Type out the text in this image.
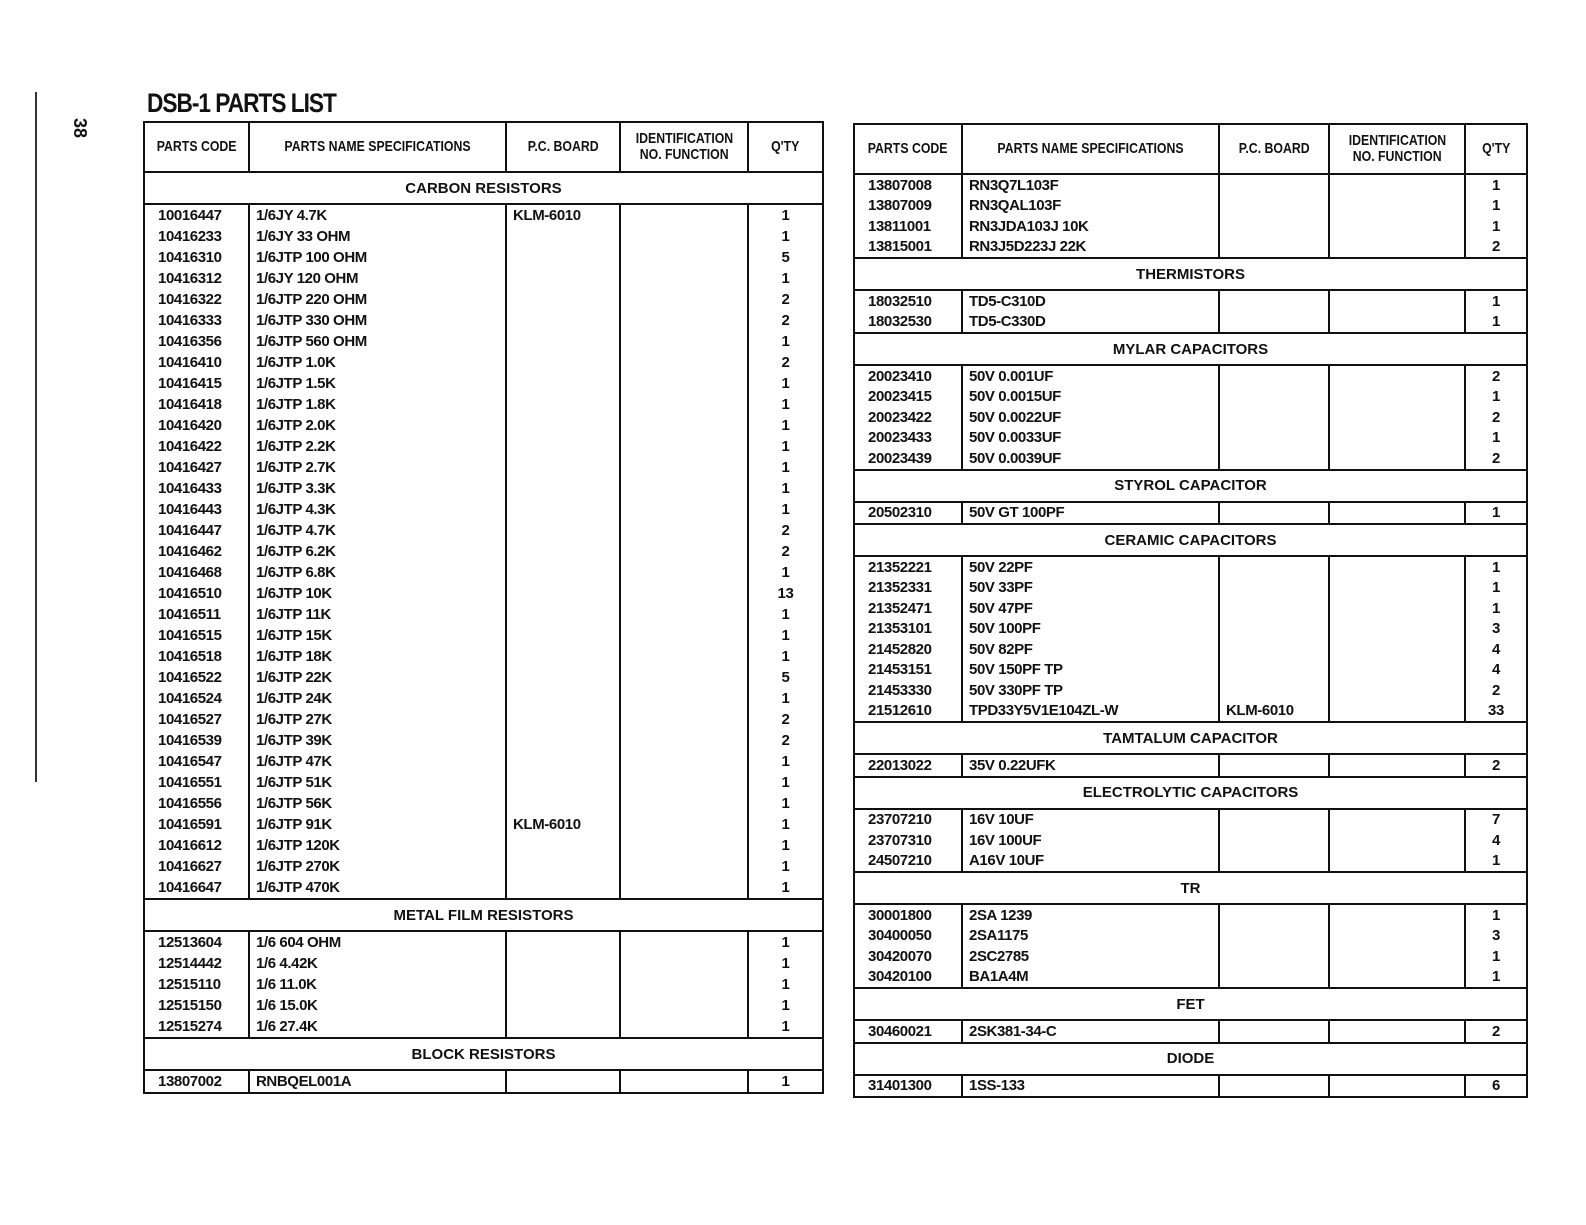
38
DSB-1 PARTS LIST
PARTS CODE	PARTS NAME SPECIFICATIONS	P.C. BOARD	IDENTIFICATION
NO. FUNCTION	Q'TY
CARBON RESISTORS				
10016447	1/6JY 4.7K	KLM-6010		1
10416233	1/6JY 33 OHM			1
10416310	1/6JTP 100 OHM			5
10416312	1/6JY 120 OHM			1
10416322	1/6JTP 220 OHM			2
10416333	1/6JTP 330 OHM			2
10416356	1/6JTP 560 OHM			1
10416410	1/6JTP 1.0K			2
10416415	1/6JTP 1.5K			1
10416418	1/6JTP 1.8K			1
10416420	1/6JTP 2.0K			1
10416422	1/6JTP 2.2K			1
10416427	1/6JTP 2.7K			1
10416433	1/6JTP 3.3K			1
10416443	1/6JTP 4.3K			1
10416447	1/6JTP 4.7K			2
10416462	1/6JTP 6.2K			2
10416468	1/6JTP 6.8K			1
10416510	1/6JTP 10K			13
10416511	1/6JTP 11K			1
10416515	1/6JTP 15K			1
10416518	1/6JTP 18K			1
10416522	1/6JTP 22K			5
10416524	1/6JTP 24K			1
10416527	1/6JTP 27K			2
10416539	1/6JTP 39K			2
10416547	1/6JTP 47K			1
10416551	1/6JTP 51K			1
10416556	1/6JTP 56K			1
10416591	1/6JTP 91K	KLM-6010		1
10416612	1/6JTP 120K			1
10416627	1/6JTP 270K			1
10416647	1/6JTP 470K			1
METAL FILM RESISTORS				
12513604	1/6 604 OHM			1
12514442	1/6 4.42K			1
12515110	1/6 11.0K			1
12515150	1/6 15.0K			1
12515274	1/6 27.4K			1
BLOCK RESISTORS				
13807002	RNBQEL001A			1
PARTS CODE	PARTS NAME SPECIFICATIONS	P.C. BOARD	IDENTIFICATION
NO. FUNCTION	Q'TY
13807008	RN3Q7L103F			1
13807009	RN3QAL103F			1
13811001	RN3JDA103J 10K			1
13815001	RN3J5D223J 22K			2
THERMISTORS				
18032510	TD5-C310D			1
18032530	TD5-C330D			1
MYLAR CAPACITORS				
20023410	50V 0.001UF			2
20023415	50V 0.0015UF			1
20023422	50V 0.0022UF			2
20023433	50V 0.0033UF			1
20023439	50V 0.0039UF			2
STYROL CAPACITOR				
20502310	50V GT 100PF			1
CERAMIC CAPACITORS				
21352221	50V 22PF			1
21352331	50V 33PF			1
21352471	50V 47PF			1
21353101	50V 100PF			3
21452820	50V 82PF			4
21453151	50V 150PF TP			4
21453330	50V 330PF TP			2
21512610	TPD33Y5V1E104ZL-W	KLM-6010		33
TAMTALUM CAPACITOR				
22013022	35V 0.22UFK			2
ELECTROLYTIC CAPACITORS				
23707210	16V 10UF			7
23707310	16V 100UF			4
24507210	A16V 10UF			1
TR				
30001800	2SA 1239			1
30400050	2SA1175			3
30420070	2SC2785			1
30420100	BA1A4M			1
FET				
30460021	2SK381-34-C			2
DIODE				
31401300	1SS-133			6
